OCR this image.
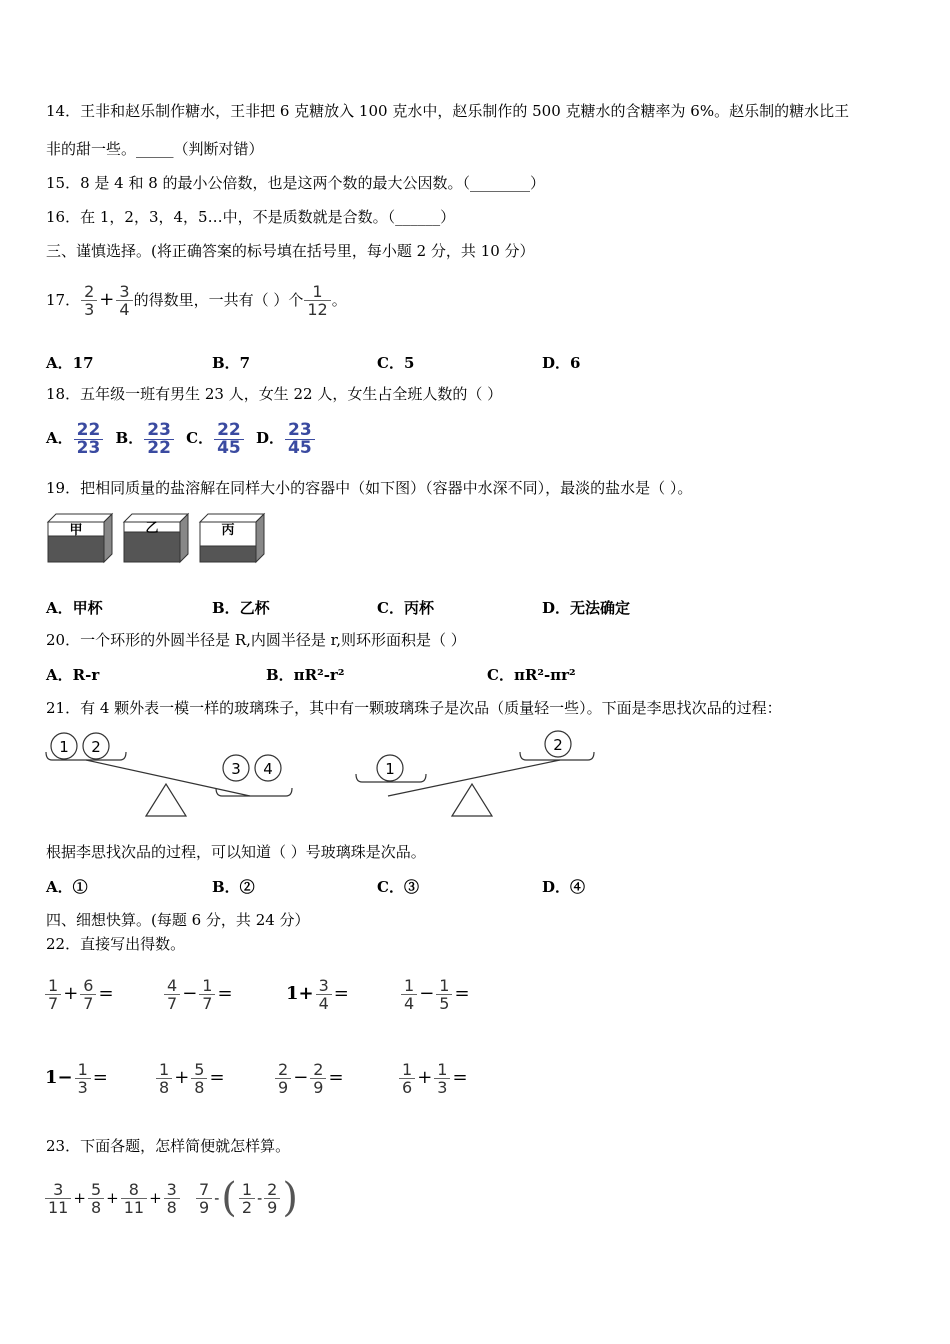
14．王非和赵乐制作糖水，王非把 6 克糖放入 100 克水中，赵乐制作的 500 克糖水的含糖率为 6%。赵乐制的糖水比王
非的甜一些。_____（判断对错）
15．8 是 4 和 8 的最小公倍数，也是这两个数的最大公因数。（________）
16．在 1，2，3，4，5…中，不是质数就是合数。（______）
三、谨慎选择。(将正确答案的标号填在括号里，每小题 2 分，共 10 分）
17． $\frac{2}{3} + \frac{3}{4}$ 的得数里，一共有（ ）个 $\frac{1}{12}$ 。
A．17	B．7	C．5	D．6
18．五年级一班有男生 23 人，女生 22 人，女生占全班人数的（ ）
A． $\frac{22}{23}$ B． $\frac{23}{22}$ C． $\frac{22}{45}$ D． $\frac{23}{45}$
19．把相同质量的盐溶解在同样大小的容器中（如下图）（容器中水深不同），最淡的盐水是（ ）。
甲	乙	丙
A．甲杯	B．乙杯	C．丙杯	D．无法确定
20．一个环形的外圆半径是 R,内圆半径是 r,则环形面积是（ ）
A．R-r	B．πR²-r²	C．πR²-πr²
21．有 4 颗外表一模一样的玻璃珠子，其中有一颗玻璃珠子是次品（质量轻一些）。下面是李思找次品的过程：
1 2
3 4	1
2
根据李思找次品的过程，可以知道（ ）号玻璃珠是次品。
A．①	B．②	C．③	D．④
四、细想快算。(每题 6 分，共 24 分）
22．直接写出得数。
$\frac{1}{7} + \frac{6}{7}$ =	$\frac{4}{7} - \frac{1}{7}$ =	$1+ \frac{3}{4}$ =	$\frac{1}{4} - \frac{1}{5}$ =
$1- \frac{1}{3}$ =	$\frac{1}{8} + \frac{5}{8}$ =	$\frac{2}{9} - \frac{2}{9}$ =	$\frac{1}{6} + \frac{1}{3}$ =
23．下面各题，怎样简便就怎样算。
$\frac{3}{11} + \frac{5}{8} + \frac{8}{11} + \frac{3}{8} \frac{7}{9}$ -( $\frac{1}{2} - \frac{2}{9}$ )
